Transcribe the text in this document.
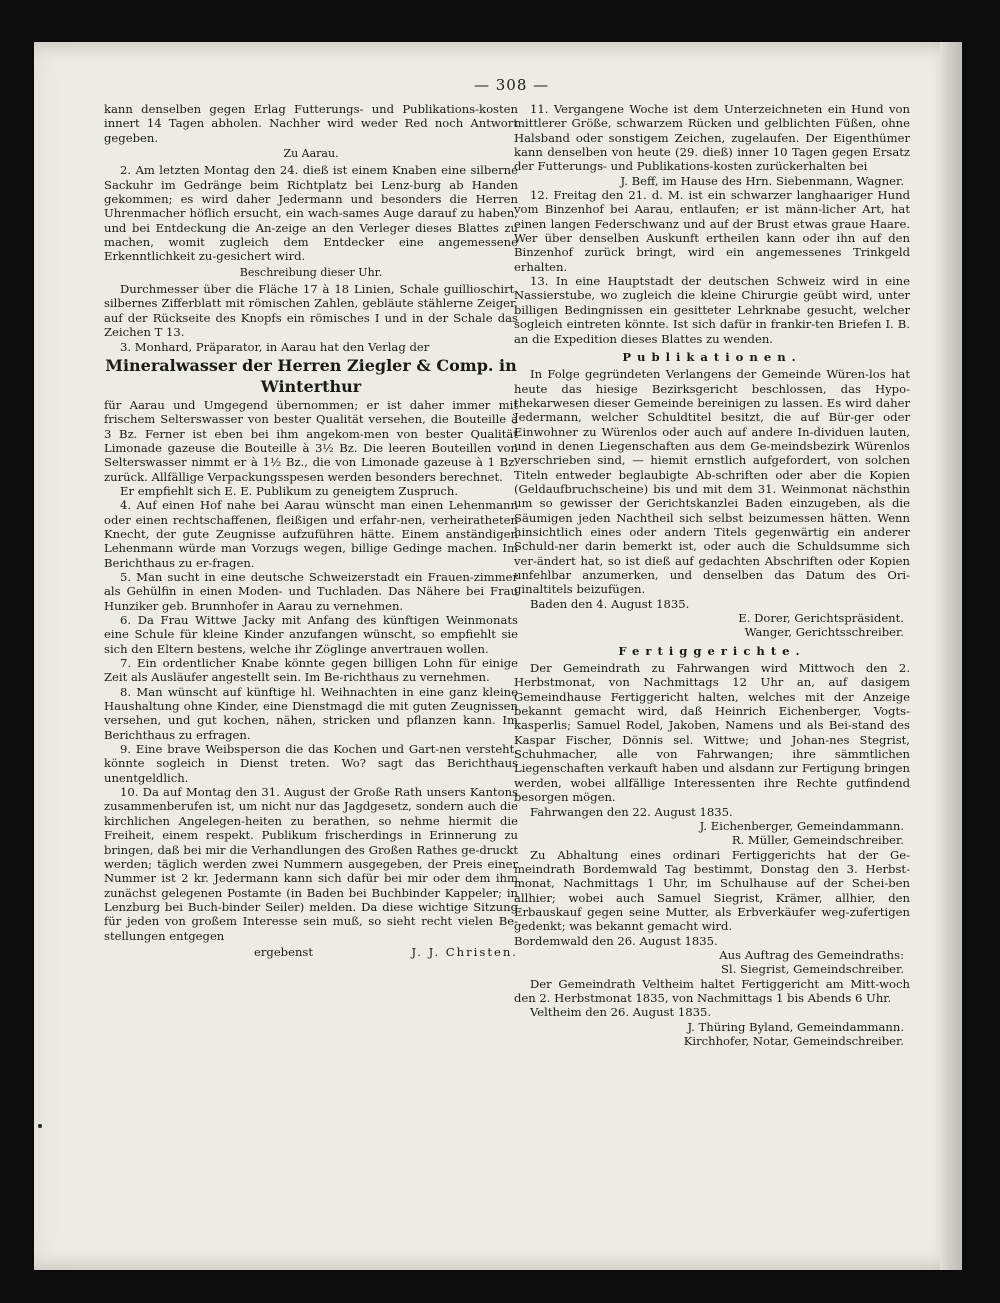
— 308 —

kann denselben gegen Erlag Futterungs- und Publikations-kosten innert 14 Tagen abholen. Nachher wird weder Red noch Antwort gegeben.

Zu Aarau.

2. Am letzten Montag den 24. dieß ist einem Knaben eine silberne Sackuhr im Gedränge beim Richtplatz bei Lenz-burg ab Handen gekommen; es wird daher Jedermann und besonders die Herren Uhrenmacher höflich ersucht, ein wach-sames Auge darauf zu haben, und bei Entdeckung die An-zeige an den Verleger dieses Blattes zu machen, womit zugleich dem Entdecker eine angemessene Erkenntlichkeit zu-gesichert wird.

Beschreibung dieser Uhr.

Durchmesser über die Fläche 17 à 18 Linien, Schale guillioschirt, silbernes Zifferblatt mit römischen Zahlen, gebläute stählerne Zeiger, auf der Rückseite des Knopfs ein römisches I und in der Schale das Zeichen T 13.

3. Monhard, Präparator, in Aarau hat den Verlag der

Mineralwasser der Herren Ziegler & Comp. in

Winterthur

für Aarau und Umgegend übernommen; er ist daher immer mit frischem Selterswasser von bester Qualität versehen, die Bouteille à 3 Bz. Ferner ist eben bei ihm angekom-men von bester Qualität Limonade gazeuse die Bouteille à 3½ Bz. Die leeren Bouteillen von Selterswasser nimmt er à 1½ Bz., die von Limonade gazeuse à 1 Bz. zurück. Allfällige Verpackungsspesen werden besonders berechnet.

Er empfiehlt sich E. E. Publikum zu geneigtem Zuspruch.

4. Auf einen Hof nahe bei Aarau wünscht man einen Lehenmann oder einen rechtschaffenen, fleißigen und erfahr-nen, verheiratheten Knecht, der gute Zeugnisse aufzuführen hätte. Einem anständigen Lehenmann würde man Vorzugs wegen, billige Gedinge machen. Im Berichthaus zu er-fragen.

5. Man sucht in eine deutsche Schweizerstadt ein Frauen-zimmer als Gehülfin in einen Moden- und Tuchladen. Das Nähere bei Frau Hunziker geb. Brunnhofer in Aarau zu vernehmen.

6. Da Frau Wittwe Jacky mit Anfang des künftigen Weinmonats eine Schule für kleine Kinder anzufangen wünscht, so empfiehlt sie sich den Eltern bestens, welche ihr Zöglinge anvertrauen wollen.

7. Ein ordentlicher Knabe könnte gegen billigen Lohn für einige Zeit als Ausläufer angestellt sein. Im Be-richthaus zu vernehmen.

8. Man wünscht auf künftige hl. Weihnachten in eine ganz kleine Haushaltung ohne Kinder, eine Dienstmagd die mit guten Zeugnissen versehen, und gut kochen, nähen, stricken und pflanzen kann. Im Berichthaus zu erfragen.

9. Eine brave Weibsperson die das Kochen und Gart-nen versteht, könnte sogleich in Dienst treten. Wo? sagt das Berichthaus unentgeldlich.

10. Da auf Montag den 31. August der Große Rath unsers Kantons zusammenberufen ist, um nicht nur das Jagdgesetz, sondern auch die kirchlichen Angelegen-heiten zu berathen, so nehme hiermit die Freiheit, einem respekt. Publikum frischerdings in Erinnerung zu bringen, daß bei mir die Verhandlungen des Großen Rathes ge-druckt werden; täglich werden zwei Nummern ausgegeben, der Preis einer Nummer ist 2 kr. Jedermann kann sich dafür bei mir oder dem ihm zunächst gelegenen Postamte (in Baden bei Buchbinder Kappeler; in Lenzburg bei Buch-binder Seiler) melden. Da diese wichtige Sitzung für jeden von großem Interesse sein muß, so sieht recht vielen Be-stellungen entgegen

ergebenst	J. J. Christen.

11. Vergangene Woche ist dem Unterzeichneten ein Hund von mittlerer Größe, schwarzem Rücken und gelblichten Füßen, ohne Halsband oder sonstigem Zeichen, zugelaufen. Der Eigenthümer kann denselben von heute (29. dieß) inner 10 Tagen gegen Ersatz der Futterungs- und Publikations-kosten zurückerhalten bei

J. Beff, im Hause des Hrn. Siebenmann, Wagner.

12. Freitag den 21. d. M. ist ein schwarzer langhaariger Hund vom Binzenhof bei Aarau, entlaufen; er ist männ-licher Art, hat einen langen Federschwanz und auf der Brust etwas graue Haare. Wer über denselben Auskunft ertheilen kann oder ihn auf den Binzenhof zurück bringt, wird ein angemessenes Trinkgeld erhalten.

13. In eine Hauptstadt der deutschen Schweiz wird in eine Nassierstube, wo zugleich die kleine Chirurgie geübt wird, unter billigen Bedingnissen ein gesitteter Lehrknabe gesucht, welcher sogleich eintreten könnte. Ist sich dafür in frankir-ten Briefen I. B. an die Expedition dieses Blattes zu wenden.

Publikationen.

In Folge gegründeten Verlangens der Gemeinde Würen-los hat heute das hiesige Bezirksgericht beschlossen, das Hypo-thekarwesen dieser Gemeinde bereinigen zu lassen. Es wird daher Jedermann, welcher Schuldtitel besitzt, die auf Bür-ger oder Einwohner zu Würenlos oder auch auf andere In-dividuen lauten, und in denen Liegenschaften aus dem Ge-meindsbezirk Würenlos verschrieben sind, — hiemit ernstlich aufgefordert, von solchen Titeln entweder beglaubigte Ab-schriften oder aber die Kopien (Geldaufbruchscheine) bis und mit dem 31. Weinmonat nächsthin um so gewisser der Gerichtskanzlei Baden einzugeben, als die Säumigen jeden Nachtheil sich selbst beizumessen hätten. Wenn hinsichtlich eines oder andern Titels gegenwärtig ein anderer Schuld-ner darin bemerkt ist, oder auch die Schuldsumme sich ver-ändert hat, so ist dieß auf gedachten Abschriften oder Kopien unfehlbar anzumerken, und denselben das Datum des Ori-ginaltitels beizufügen.

Baden den 4. August 1835.

E. Dorer, Gerichtspräsident.

Wanger, Gerichtsschreiber.

Fertiggerichte.

Der Gemeindrath zu Fahrwangen wird Mittwoch den 2. Herbstmonat, von Nachmittags 12 Uhr an, auf dasigem Gemeindhause Fertiggericht halten, welches mit der Anzeige bekannt gemacht wird, daß Heinrich Eichenberger, Vogts-kasperlis; Samuel Rodel, Jakoben, Namens und als Bei-stand des Kaspar Fischer, Dönnis sel. Wittwe; und Johan-nes Stegrist, Schuhmacher, alle von Fahrwangen; ihre sämmtlichen Liegenschaften verkauft haben und alsdann zur Fertigung bringen werden, wobei allfällige Interessenten ihre Rechte gutfindend besorgen mögen.

Fahrwangen den 22. August 1835.

J. Eichenberger, Gemeindammann.

R. Müller, Gemeindschreiber.

Zu Abhaltung eines ordinari Fertiggerichts hat der Ge-meindrath Bordemwald Tag bestimmt, Donstag den 3. Herbst-monat, Nachmittags 1 Uhr, im Schulhause auf der Schei-ben allhier; wobei auch Samuel Siegrist, Krämer, allhier, den Erbauskauf gegen seine Mutter, als Erbverkäufer weg-zufertigen gedenkt; was bekannt gemacht wird.

Bordemwald den 26. August 1835.

Aus Auftrag des Gemeindraths:

Sl. Siegrist, Gemeindschreiber.

Der Gemeindrath Veltheim haltet Fertiggericht am Mitt-woch den 2. Herbstmonat 1835, von Nachmittags 1 bis Abends 6 Uhr.

Veltheim den 26. August 1835.

J. Thüring Byland, Gemeindammann.

Kirchhofer, Notar, Gemeindschreiber.
